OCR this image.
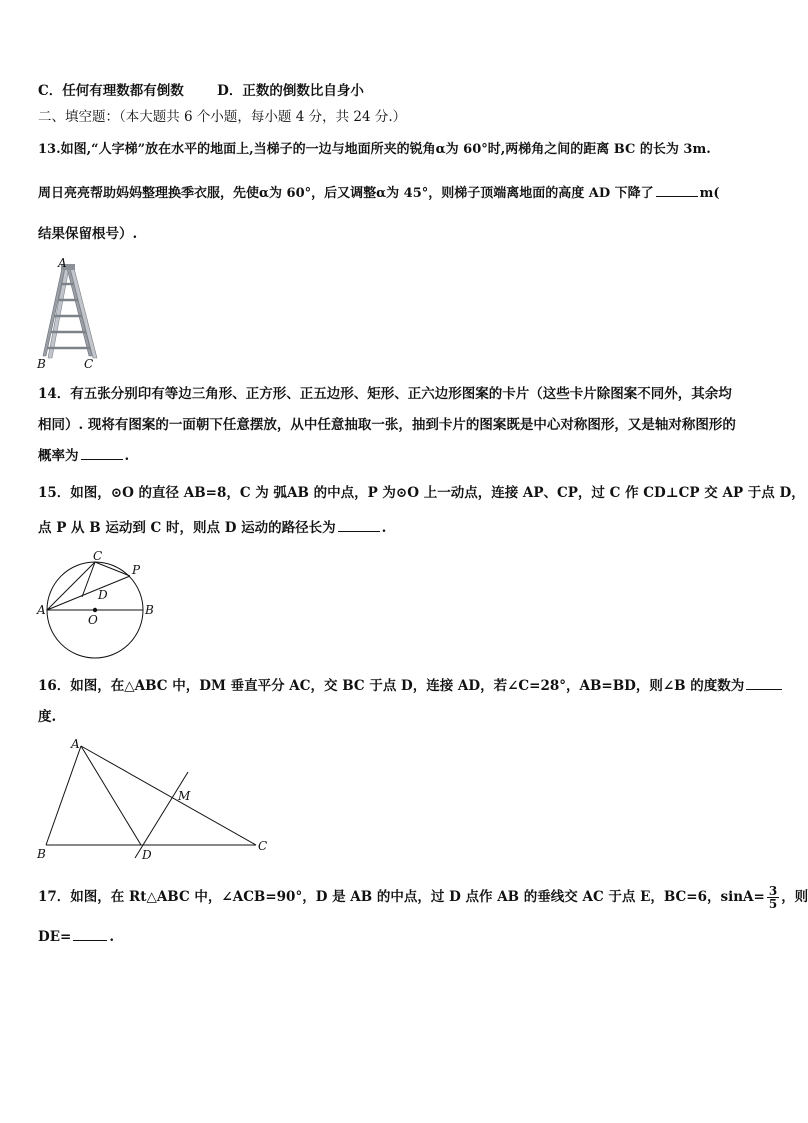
C．任何有理数都有倒数 D．正数的倒数比自身小
二、填空题：（本大题共 6 个小题，每小题 4 分，共 24 分.）
13.如图,“人字梯”放在水平的地面上,当梯子的一边与地面所夹的锐角α为 60°时,两梯角之间的距离 BC 的长为 3m.
周日亮亮帮助妈妈整理换季衣服，先使α为 60°，后又调整α为 45°，则梯子顶端离地面的高度 AD 下降了	m(
结果保留根号）.
A
B	C
14．有五张分别印有等边三角形、正方形、正五边形、矩形、正六边形图案的卡片（这些卡片除图案不同外，其余均
相同）. 现将有图案的一面朝下任意摆放，从中任意抽取一张，抽到卡片的图案既是中心对称图形，又是轴对称图形的
概率为	.
15．如图，⊙O 的直径 AB=8，C 为 弧AB 的中点，P 为⊙O 上一动点，连接 AP、CP，过 C 作 CD⊥CP 交 AP 于点 D，
点 P 从 B 运动到 C 时，则点 D 运动的路径长为	.
C
P
D
A	B
O
16．如图，在△ABC 中，DM 垂直平分 AC，交 BC 于点 D，连接 AD，若∠C=28°，AB=BD，则∠B 的度数为
度.
A
B	D
C
M
17．如图，在 Rt△ABC 中，∠ACB=90°，D 是 AB 的中点，过 D 点作 AB 的垂线交 AC 于点 E，BC=6，$\sin A= \frac{3}{5}$ ，则
DE=	.
